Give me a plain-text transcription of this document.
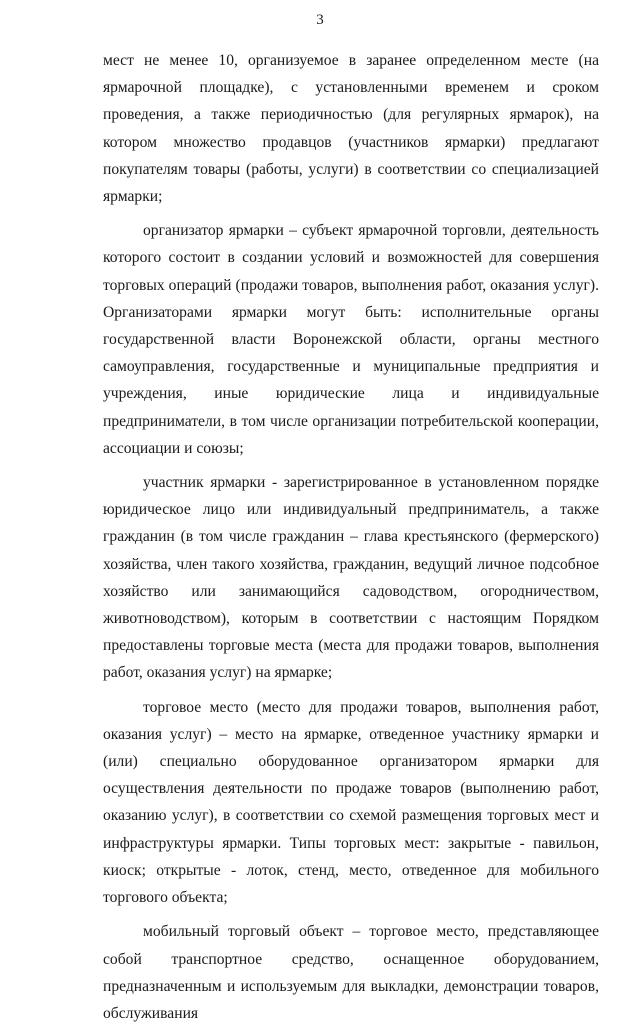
3

мест не менее 10, организуемое в заранее определенном месте (на ярмарочной площадке), с установленными временем и сроком проведения, а также периодичностью (для регулярных ярмарок), на котором множество продавцов (участников ярмарки) предлагают покупателям товары (работы, услуги) в соответствии со специализацией ярмарки;

организатор ярмарки – субъект ярмарочной торговли, деятельность которого состоит в создании условий и возможностей для совершения торговых операций (продажи товаров, выполнения работ, оказания услуг). Организаторами ярмарки могут быть: исполнительные органы государственной власти Воронежской области, органы местного самоуправления, государственные и муниципальные предприятия и учреждения, иные юридические лица и индивидуальные предприниматели, в том числе организации потребительской кооперации, ассоциации и союзы;

участник ярмарки - зарегистрированное в установленном порядке юридическое лицо или индивидуальный предприниматель, а также гражданин (в том числе гражданин – глава крестьянского (фермерского) хозяйства, член такого хозяйства, гражданин, ведущий личное подсобное хозяйство или занимающийся садоводством, огородничеством, животноводством), которым в соответствии с настоящим Порядком предоставлены торговые места (места для продажи товаров, выполнения работ, оказания услуг) на ярмарке;

торговое место (место для продажи товаров, выполнения работ, оказания услуг) – место на ярмарке, отведенное участнику ярмарки и (или) специально оборудованное организатором ярмарки для осуществления деятельности по продаже товаров (выполнению работ, оказанию услуг), в соответствии со схемой размещения торговых мест и инфраструктуры ярмарки. Типы торговых мест: закрытые - павильон, киоск; открытые - лоток, стенд, место, отведенное для мобильного торгового объекта;

мобильный торговый объект – торговое место, представляющее собой транспортное средство, оснащенное оборудованием, предназначенным и используемым для выкладки, демонстрации товаров, обслуживания
